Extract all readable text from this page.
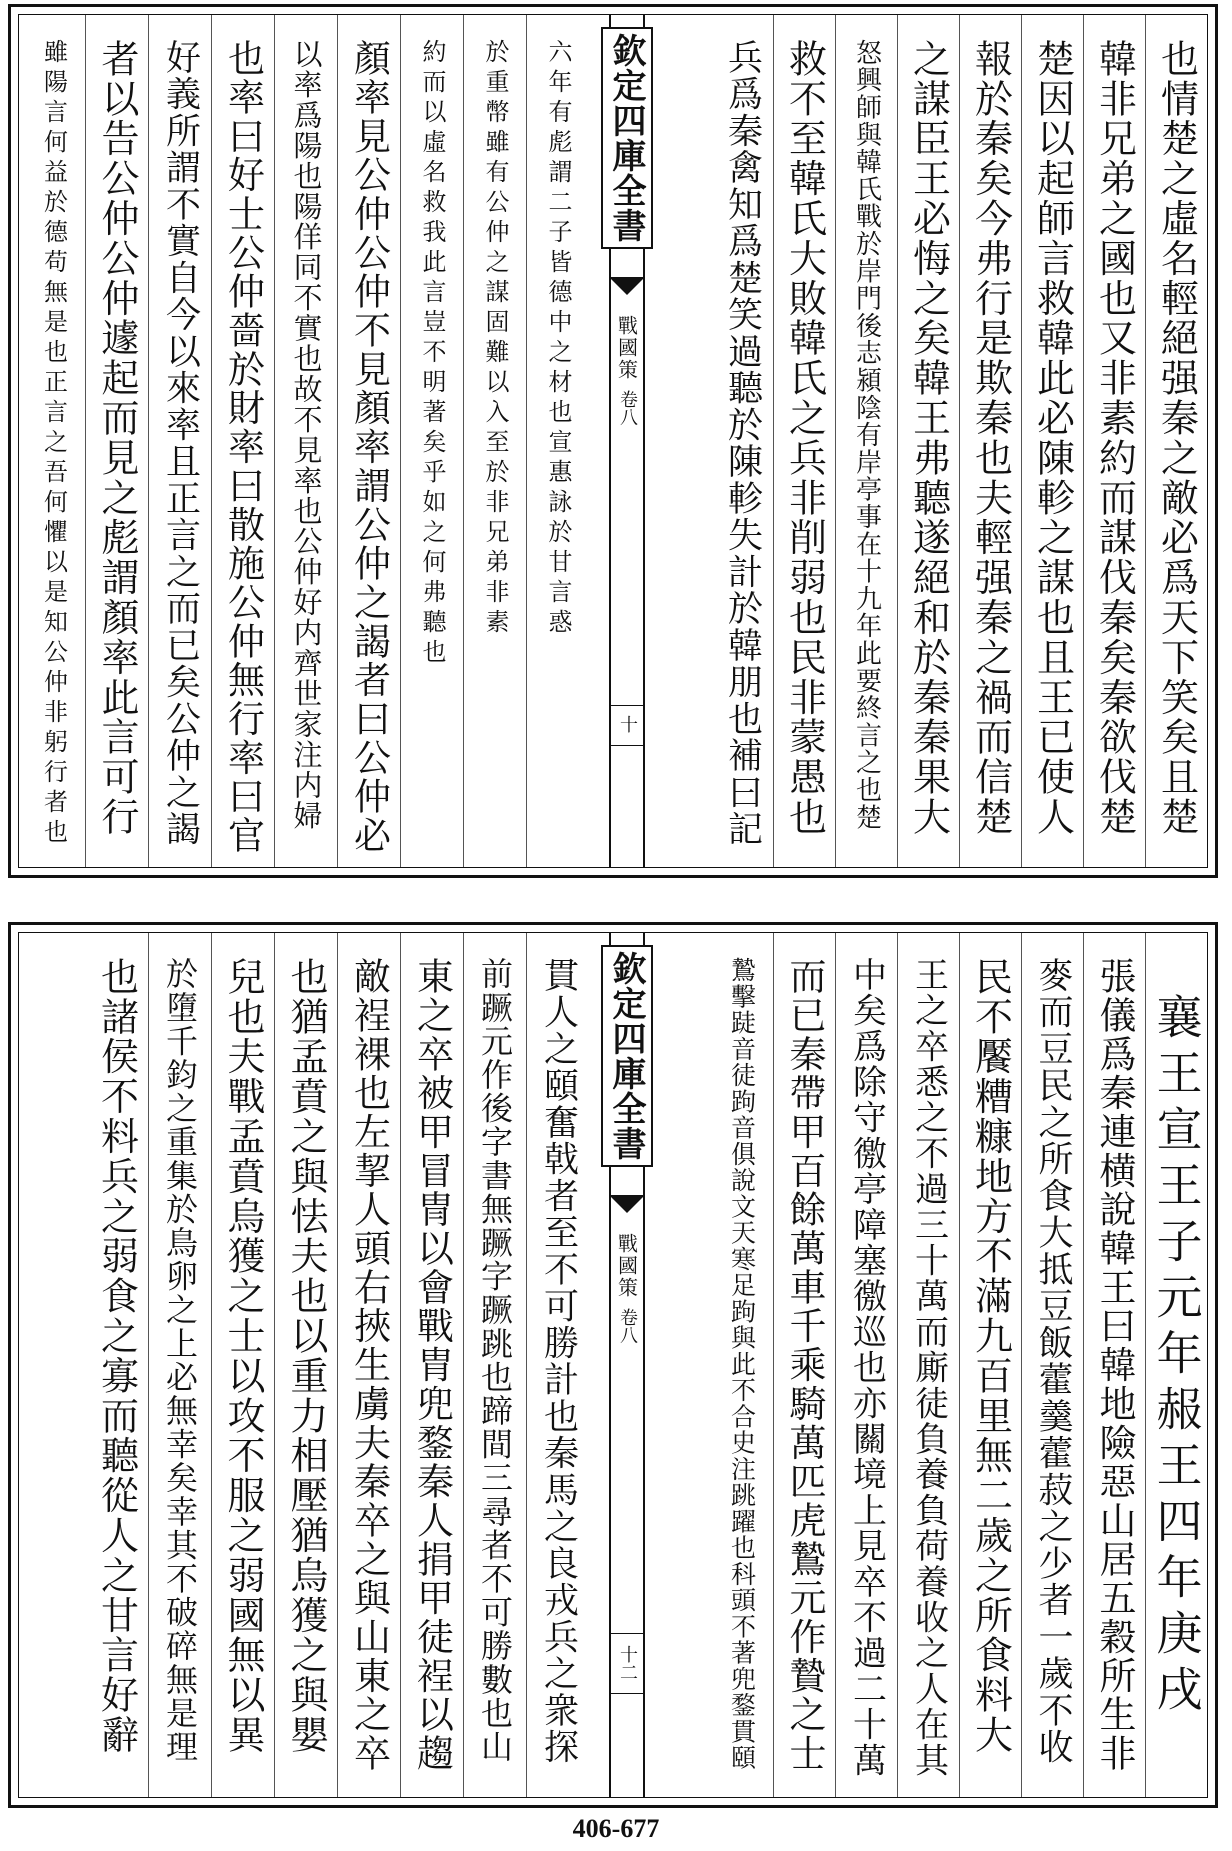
也情楚之虛名輕絕强秦之敵必爲天下笑矣且楚
韓非兄弟之國也又非素約而謀伐秦矣秦欲伐楚
楚因以起師言救韓此必陳軫之謀也且王已使人
報於秦矣今弗行是欺秦也夫輕强秦之禍而信楚
之謀臣王必悔之矣韓王弗聽遂絕和於秦秦果大
怒興師與韓氏戰於岸門後志潁陰有岸亭事在十九年此要終言之也楚
救不至韓氏大敗韓氏之兵非削弱也民非蒙愚也
兵爲秦禽知爲楚笑過聽於陳軫失計於韓朋也補曰記
欽定四庫全書
戰國策
卷八
十
六年有彪謂二子皆德中之材也宣惠詠於甘言惑
於重幣雖有公仲之謀固難以入至於非兄弟非素
約而以虛名救我此言豈不明著矣乎如之何弗聽也
顏率見公仲公仲不見顏率謂公仲之謁者曰公仲必
以率爲陽也陽佯同不實也故不見率也公仲好内齊世家注内婦
也率曰好士公仲嗇於財率曰散施公仲無行率曰官
好義所謂不實自今以來率且正言之而已矣公仲之謁
者以告公仲公仲遽起而見之彪謂顏率此言可行
雖陽言何益於德苟無是也正言之吾何懼以是知公仲非躬行者也
襄王宣王子元年赧王四年庚戌
張儀爲秦連横說韓王曰韓地險惡山居五穀所生非
麥而豆民之所食大抵豆飯藿羹藿菽之少者一歲不收
民不饜糟糠地方不滿九百里無二歲之所食料大
王之卒悉之不過三十萬而廝徒負養負荷養收之人在其
中矣爲除守徼亭障塞徼巡也亦關境上見卒不過二十萬
而已秦帶甲百餘萬車千乘騎萬匹虎鷙元作贄之士
鷙擊跿音徒跔音俱說文天寒足跔與此不合史注跳躍也科頭不著兜鍪貫頤
欽定四庫全書
戰國策
卷八
十二
貫人之頤奮戟者至不可勝計也秦馬之良戎兵之衆探
前蹶元作後字書無蹶字蹶跳也蹄間三尋者不可勝數也山
東之卒被甲冒冑以會戰胄兜鍪秦人捐甲徒裎以趨
敵裎裸也左挈人頭右挾生虜夫秦卒之與山東之卒
也猶孟賁之與怯夫也以重力相壓猶烏獲之與嬰
兒也夫戰孟賁烏獲之士以攻不服之弱國無以異
於墮千鈞之重集於鳥卵之上必無幸矣幸其不破碎無是理
也諸侯不料兵之弱食之寡而聽從人之甘言好辭
406-677
